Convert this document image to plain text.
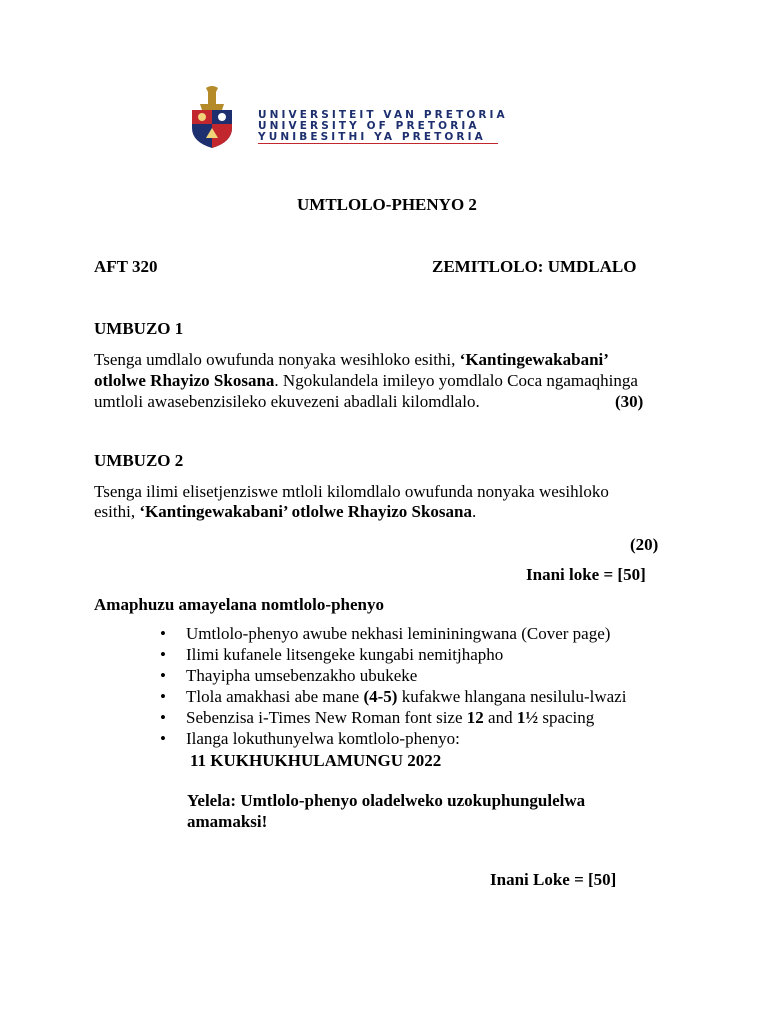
UNIVERSITEIT VAN PRETORIA
UNIVERSITY OF PRETORIA
YUNIBESITHI YA PRETORIA
UMTLOLO-PHENYO 2
AFT 320	ZEMITLOLO: UMDLALO
UMBUZO 1
Tsenga umdlalo owufunda nonyaka wesihloko esithi, ‘Kantingewakabani’
otlolwe Rhayizo Skosana. Ngokulandela imileyo yomdlalo Coca ngamaqhinga
umtloli awasebenzisileko ekuvezeni abadlali kilomdlalo.	(30)
UMBUZO 2
Tsenga ilimi elisetjenziswe mtloli kilomdlalo owufunda nonyaka wesihloko
esithi, ‘Kantingewakabani’ otlolwe Rhayizo Skosana.
(20)
Inani loke = [50]
Amaphuzu amayelana nomtlolo-phenyo
• Umtlolo-phenyo awube nekhasi lemininingwana (Cover page)
• Ilimi kufanele litsengeke kungabi nemitjhapho
• Thayipha umsebenzakho ubukeke
• Tlola amakhasi abe mane (4-5) kufakwe hlangana nesilulu-lwazi
• Sebenzisa i-Times New Roman font size 12 and 1½ spacing
• Ilanga lokuthunyelwa komtlolo-phenyo:
11 KUKHUKHULAMUNGU 2022
Yelela: Umtlolo-phenyo oladelweko uzokuphungulelwa
amamaksi!
Inani Loke = [50]
